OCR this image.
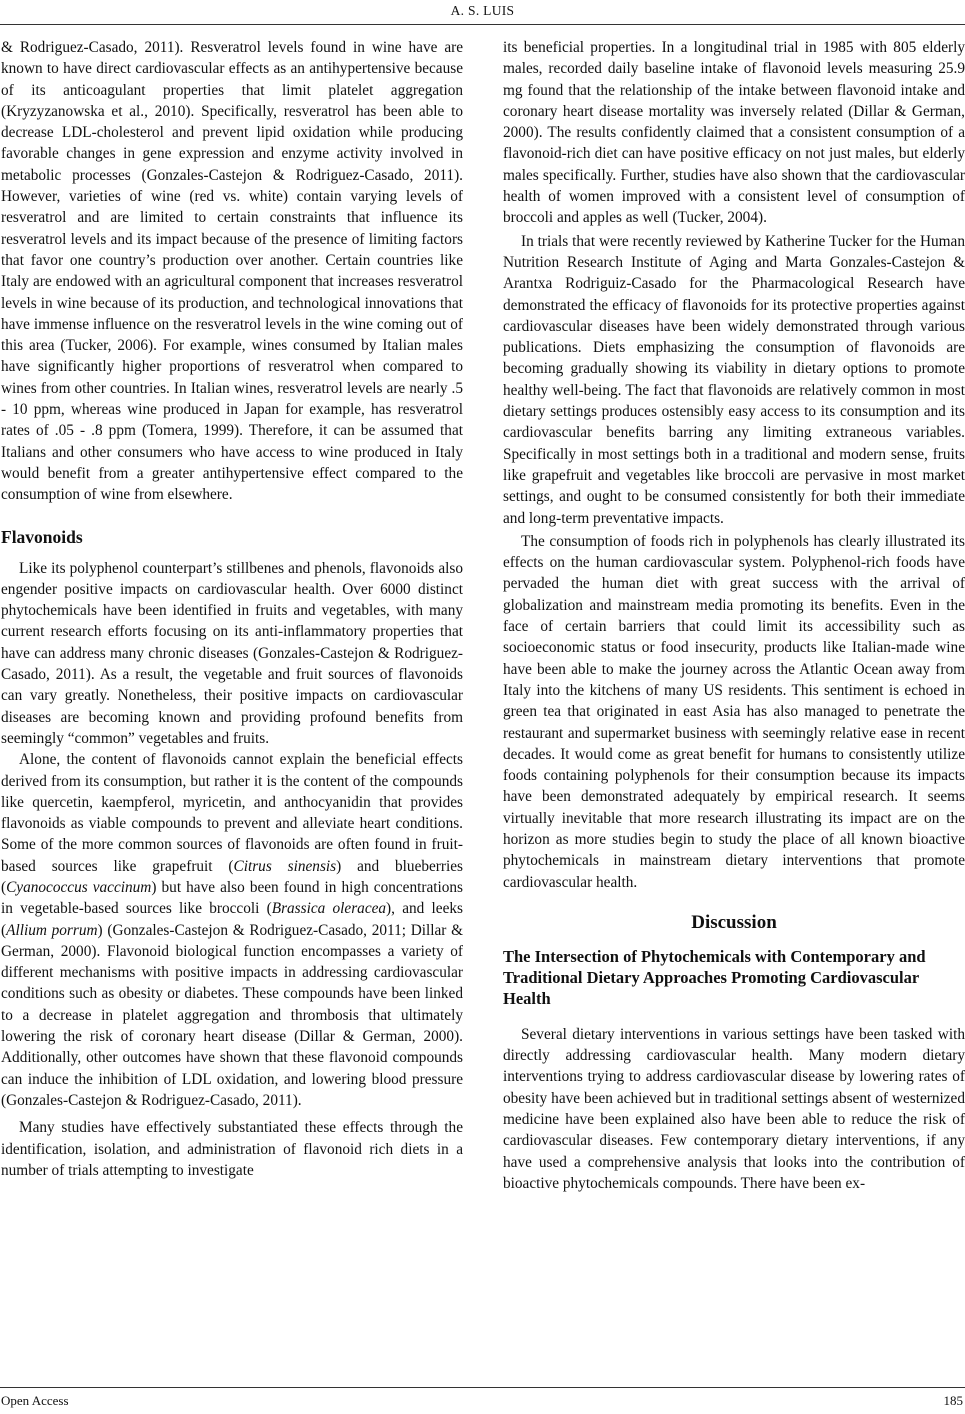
A. S. LUIS

& Rodriguez-Casado, 2011). Resveratrol levels found in wine have are known to have direct cardiovascular effects as an antihypertensive because of its anticoagulant properties that limit platelet aggregation (Kryzyzanowska et al., 2010). Specifically, resveratrol has been able to decrease LDL-cholesterol and prevent lipid oxidation while producing favorable changes in gene expression and enzyme activity involved in metabolic processes (Gonzales-Castejon & Rodriguez-Casado, 2011). However, varieties of wine (red vs. white) contain varying levels of resveratrol and are limited to certain constraints that influence its resveratrol levels and its impact because of the presence of limiting factors that favor one country’s production over another. Certain countries like Italy are endowed with an agricultural component that increases resveratrol levels in wine because of its production, and technological innovations that have immense influence on the resveratrol levels in the wine coming out of this area (Tucker, 2006). For example, wines consumed by Italian males have significantly higher proportions of resveratrol when compared to wines from other countries. In Italian wines, resveratrol levels are nearly .5 - 10 ppm, whereas wine produced in Japan for example, has resveratrol rates of .05 - .8 ppm (Tomera, 1999). Therefore, it can be assumed that Italians and other consumers who have access to wine produced in Italy would benefit from a greater antihypertensive effect compared to the consumption of wine from elsewhere.

Flavonoids

Like its polyphenol counterpart’s stillbenes and phenols, flavonoids also engender positive impacts on cardiovascular health. Over 6000 distinct phytochemicals have been identified in fruits and vegetables, with many current research efforts focusing on its anti-inflammatory properties that have can address many chronic diseases (Gonzales-Castejon & Rodriguez-Casado, 2011). As a result, the vegetable and fruit sources of flavonoids can vary greatly. Nonetheless, their positive impacts on cardiovascular diseases are becoming known and providing profound benefits from seemingly “common” vegetables and fruits.

Alone, the content of flavonoids cannot explain the beneficial effects derived from its consumption, but rather it is the content of the compounds like quercetin, kaempferol, myricetin, and anthocyanidin that provides flavonoids as viable compounds to prevent and alleviate heart conditions. Some of the more common sources of flavonoids are often found in fruit-based sources like grapefruit (Citrus sinensis) and blueberries (Cyanococcus vaccinum) but have also been found in high concentrations in vegetable-based sources like broccoli (Brassica oleracea), and leeks (Allium porrum) (Gonzales-Castejon & Rodriguez-Casado, 2011; Dillar & German, 2000). Flavonoid biological function encompasses a variety of different mechanisms with positive impacts in addressing cardiovascular conditions such as obesity or diabetes. These compounds have been linked to a decrease in platelet aggregation and thrombosis that ultimately lowering the risk of coronary heart disease (Dillar & German, 2000). Additionally, other outcomes have shown that these flavonoid compounds can induce the inhibition of LDL oxidation, and lowering blood pressure (Gonzales-Castejon & Rodriguez-Casado, 2011).

Many studies have effectively substantiated these effects through the identification, isolation, and administration of flavonoid rich diets in a number of trials attempting to investigate

its beneficial properties. In a longitudinal trial in 1985 with 805 elderly males, recorded daily baseline intake of flavonoid levels measuring 25.9 mg found that the relationship of the intake between flavonoid intake and coronary heart disease mortality was inversely related (Dillar & German, 2000). The results confidently claimed that a consistent consumption of a flavonoid-rich diet can have positive efficacy on not just males, but elderly males specifically. Further, studies have also shown that the cardiovascular health of women improved with a consistent level of consumption of broccoli and apples as well (Tucker, 2004).

In trials that were recently reviewed by Katherine Tucker for the Human Nutrition Research Institute of Aging and Marta Gonzales-Castejon & Arantxa Rodriguiz-Casado for the Pharmacological Research have demonstrated the efficacy of flavonoids for its protective properties against cardiovascular diseases have been widely demonstrated through various publications. Diets emphasizing the consumption of flavonoids are becoming gradually showing its viability in dietary options to promote healthy well-being. The fact that flavonoids are relatively common in most dietary settings produces ostensibly easy access to its consumption and its cardiovascular benefits barring any limiting extraneous variables. Specifically in most settings both in a traditional and modern sense, fruits like grapefruit and vegetables like broccoli are pervasive in most market settings, and ought to be consumed consistently for both their immediate and long-term preventative impacts.

The consumption of foods rich in polyphenols has clearly illustrated its effects on the human cardiovascular system. Polyphenol-rich foods have pervaded the human diet with great success with the arrival of globalization and mainstream media promoting its benefits. Even in the face of certain barriers that could limit its accessibility such as socioeconomic status or food insecurity, products like Italian-made wine have been able to make the journey across the Atlantic Ocean away from Italy into the kitchens of many US residents. This sentiment is echoed in green tea that originated in east Asia has also managed to penetrate the restaurant and supermarket business with seemingly relative ease in recent decades. It would come as great benefit for humans to consistently utilize foods containing polyphenols for their consumption because its impacts have been demonstrated adequately by empirical research. It seems virtually inevitable that more research illustrating its impact are on the horizon as more studies begin to study the place of all known bioactive phytochemicals in mainstream dietary interventions that promote cardiovascular health.

Discussion
The Intersection of Phytochemicals with Contemporary and Traditional Dietary Approaches Promoting Cardiovascular Health

Several dietary interventions in various settings have been tasked with directly addressing cardiovascular health. Many modern dietary interventions trying to address cardiovascular disease by lowering rates of obesity have been achieved but in traditional settings absent of westernized medicine have been explained also have been able to reduce the risk of cardiovascular diseases. Few contemporary dietary interventions, if any have used a comprehensive analysis that looks into the contribution of bioactive phytochemicals compounds. There have been ex-

Open Access	185
